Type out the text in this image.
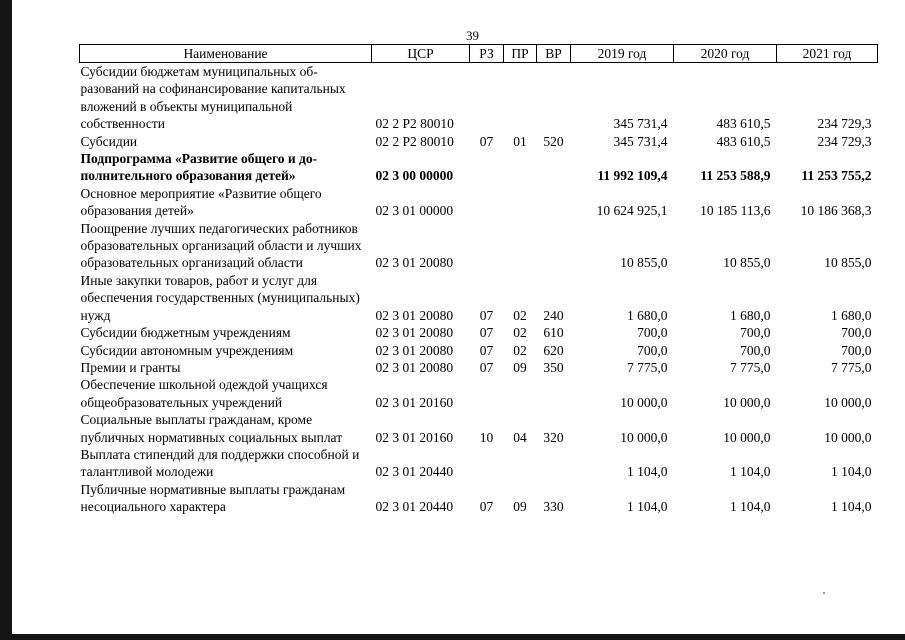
39
Наименование	ЦСР	РЗ	ПР	ВР	2019 год	2020 год	2021 год
Субсидии бюджетам муниципальных образований на софинансирование капитальных вложений в объекты муниципальной собственности	02 2 Р2 80010				345 731,4	483 610,5	234 729,3
Субсидии	02 2 Р2 80010	07	01	520	345 731,4	483 610,5	234 729,3
Подпрограмма «Развитие общего и дополнительного образования детей»	02 3 00 00000				11 992 109,4	11 253 588,9	11 253 755,2
Основное мероприятие «Развитие общего образования детей»	02 3 01 00000				10 624 925,1	10 185 113,6	10 186 368,3
Поощрение лучших педагогических работников образовательных организаций области и лучших образовательных организаций области	02 3 01 20080				10 855,0	10 855,0	10 855,0
Иные закупки товаров, работ и услуг для обеспечения государственных (муниципальных) нужд	02 3 01 20080	07	02	240	1 680,0	1 680,0	1 680,0
Субсидии бюджетным учреждениям	02 3 01 20080	07	02	610	700,0	700,0	700,0
Субсидии автономным учреждениям	02 3 01 20080	07	02	620	700,0	700,0	700,0
Премии и гранты	02 3 01 20080	07	09	350	7 775,0	7 775,0	7 775,0
Обеспечение школьной одеждой учащихся общеобразовательных учреждений	02 3 01 20160				10 000,0	10 000,0	10 000,0
Социальные выплаты гражданам, кроме публичных нормативных социальных выплат	02 3 01 20160	10	04	320	10 000,0	10 000,0	10 000,0
Выплата стипендий для поддержки способной и талантливой молодежи	02 3 01 20440				1 104,0	1 104,0	1 104,0
Публичные нормативные выплаты гражданам несоциального характера	02 3 01 20440	07	09	330	1 104,0	1 104,0	1 104,0
